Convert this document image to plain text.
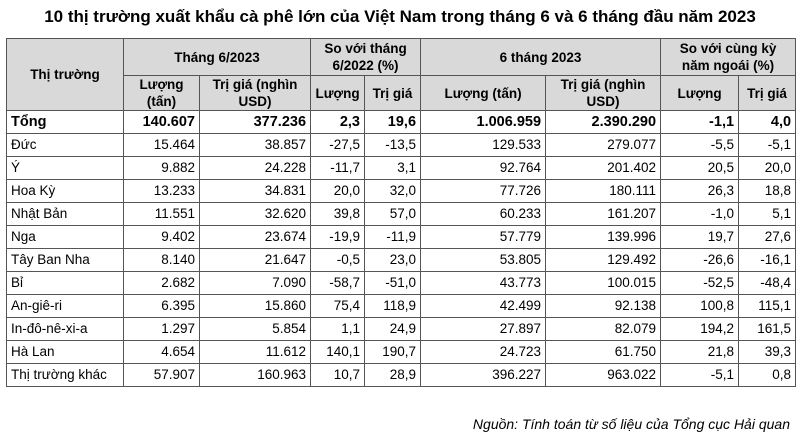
10 thị trường xuất khẩu cà phê lớn của Việt Nam trong tháng 6 và 6 tháng đầu năm 2023
Thị trường	Tháng 6/2023		So với tháng 6/2022 (%)		6 tháng 2023		So với cùng kỳ năm ngoái (%)	
	Lượng (tấn)	Trị giá (nghìn USD)	Lượng	Trị giá	Lượng (tấn)	Trị giá (nghìn USD)	Lượng	Trị giá
Tổng	140.607	377.236	2,3	19,6	1.006.959	2.390.290	-1,1	4,0
Đức	15.464	38.857	-27,5	-13,5	129.533	279.077	-5,5	-5,1
Ý	9.882	24.228	-11,7	3,1	92.764	201.402	20,5	20,0
Hoa Kỳ	13.233	34.831	20,0	32,0	77.726	180.111	26,3	18,8
Nhật Bản	11.551	32.620	39,8	57,0	60.233	161.207	-1,0	5,1
Nga	9.402	23.674	-19,9	-11,9	57.779	139.996	19,7	27,6
Tây Ban Nha	8.140	21.647	-0,5	23,0	53.805	129.492	-26,6	-16,1
Bỉ	2.682	7.090	-58,7	-51,0	43.773	100.015	-52,5	-48,4
An-giê-ri	6.395	15.860	75,4	118,9	42.499	92.138	100,8	115,1
In-đô-nê-xi-a	1.297	5.854	1,1	24,9	27.897	82.079	194,2	161,5
Hà Lan	4.654	11.612	140,1	190,7	24.723	61.750	21,8	39,3
Thị trường khác	57.907	160.963	10,7	28,9	396.227	963.022	-5,1	0,8
Nguồn: Tính toán từ số liệu của Tổng cục Hải quan
